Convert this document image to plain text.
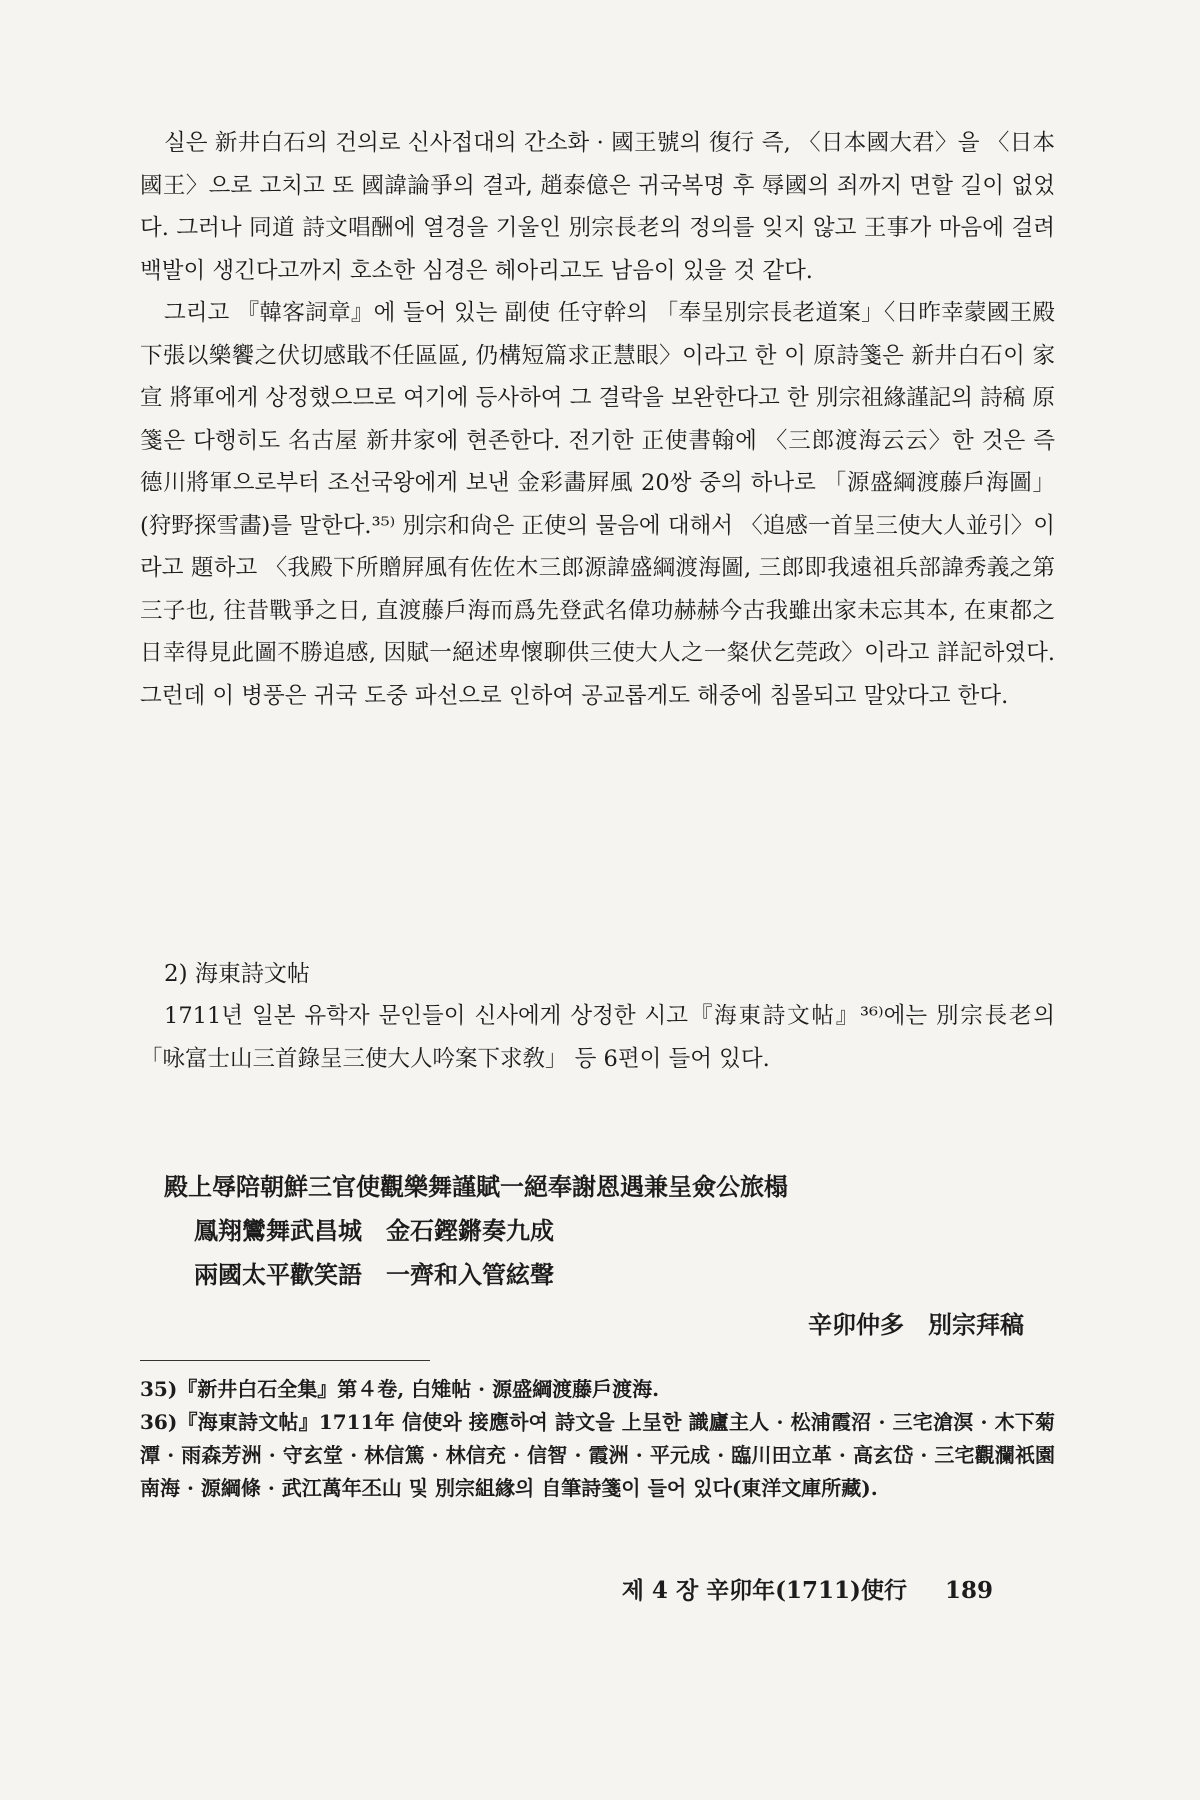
실은 新井白石의 건의로 신사접대의 간소화 · 國王號의 復行 즉, 〈日本國大君〉을 〈日本國王〉으로 고치고 또 國諱論爭의 결과, 趙泰億은 귀국복명 후 辱國의 죄까지 면할 길이 없었다. 그러나 同道 詩文唱酬에 열경을 기울인 別宗長老의 정의를 잊지 않고 王事가 마음에 걸려 백발이 생긴다고까지 호소한 심경은 헤아리고도 남음이 있을 것 같다.

그리고 『韓客詞章』에 들어 있는 副使 任守幹의 「奉呈別宗長老道案」〈日昨幸蒙國王殿下張以樂饗之伏切感戢不任區區, 仍構短篇求正慧眼〉이라고 한 이 原詩箋은 新井白石이 家宣 將軍에게 상정했으므로 여기에 등사하여 그 결락을 보완한다고 한 別宗祖緣謹記의 詩稿 原箋은 다행히도 名古屋 新井家에 현존한다. 전기한 正使書翰에 〈三郎渡海云云〉한 것은 즉 德川將軍으로부터 조선국왕에게 보낸 金彩畵屛風 20쌍 중의 하나로 「源盛綱渡藤戶海圖」(狩野探雪畵)를 말한다.³⁵⁾ 別宗和尙은 正使의 물음에 대해서 〈追感一首呈三使大人並引〉이라고 題하고 〈我殿下所贈屛風有佐佐木三郎源諱盛綱渡海圖, 三郎即我遠祖兵部諱秀義之第三子也, 往昔戰爭之日, 直渡藤戶海而爲先登武名偉功赫赫今古我雖出家未忘其本, 在東都之日幸得見此圖不勝追感, 因賦一絕述卑懷聊供三使大人之一粲伏乞莞政〉이라고 詳記하였다. 그런데 이 병풍은 귀국 도중 파선으로 인하여 공교롭게도 해중에 침몰되고 말았다고 한다.

2) 海東詩文帖

1711년 일본 유학자 문인들이 신사에게 상정한 시고『海東詩文帖』³⁶⁾에는 別宗長老의 「咏富士山三首錄呈三使大人吟案下求敎」 등 6편이 들어 있다.

殿上辱陪朝鮮三官使觀樂舞謹賦一絕奉謝恩遇兼呈僉公旅榻
鳳翔鸞舞武昌城　金石鏗鏘奏九成
兩國太平歡笑語　一齊和入管絃聲
辛卯仲多　別宗拜稿

35)『新井白石全集』第４卷, 白雉帖 · 源盛綱渡藤戶渡海.

36)『海東詩文帖』1711年 信使와 接應하여 詩文을 上呈한 識廬主人 · 松浦霞沼 · 三宅滄溟 · 木下菊潭 · 雨森芳洲 · 守玄堂 · 林信篤 · 林信充 · 信智 · 霞洲 · 平元成 · 臨川田立革 · 高玄岱 · 三宅觀瀾祇園南海 · 源綱條 · 武江萬年丕山 및 別宗組緣의 自筆詩箋이 들어 있다(東洋文庫所藏).

제 4 장 辛卯年(1711)使行 189
